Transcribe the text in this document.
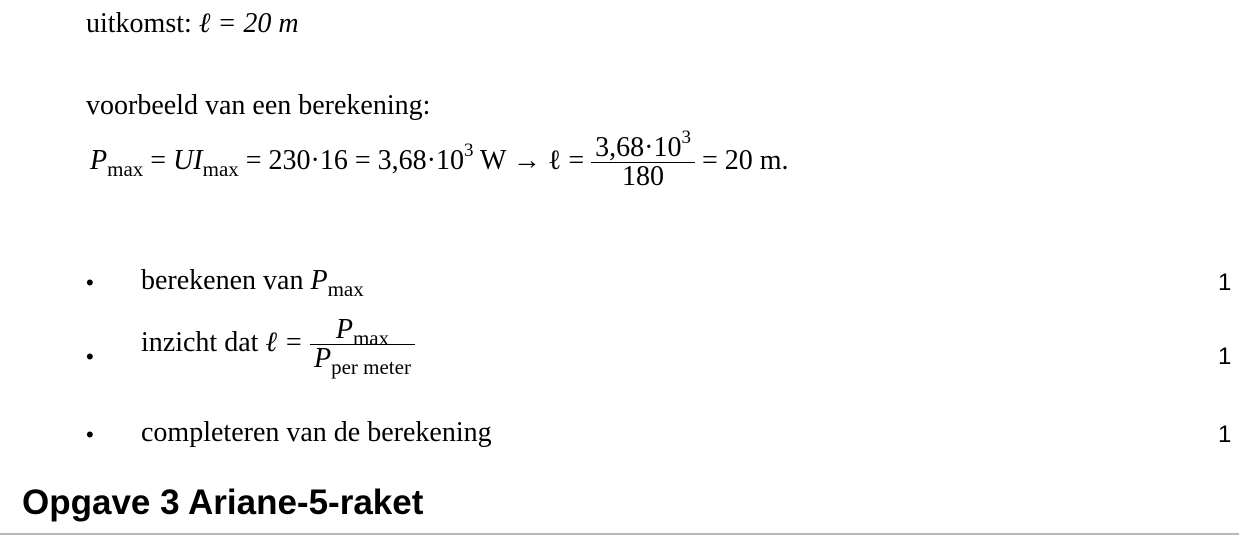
uitkomst: ℓ = 20 m
voorbeeld van een berekening:
$P_{max} = UI_{max} = 230\cdot 16 = 3,68\cdot 10^3$ W → ℓ = $\frac{3,68\cdot 10^3}{180} = 20$ m.
• berekenen van $P_{max}$	1
• inzicht dat ℓ = $\frac{P_{max}}{P_{per meter}}$	1
• completeren van de berekening	1
Opgave 3 Ariane-5-raket
